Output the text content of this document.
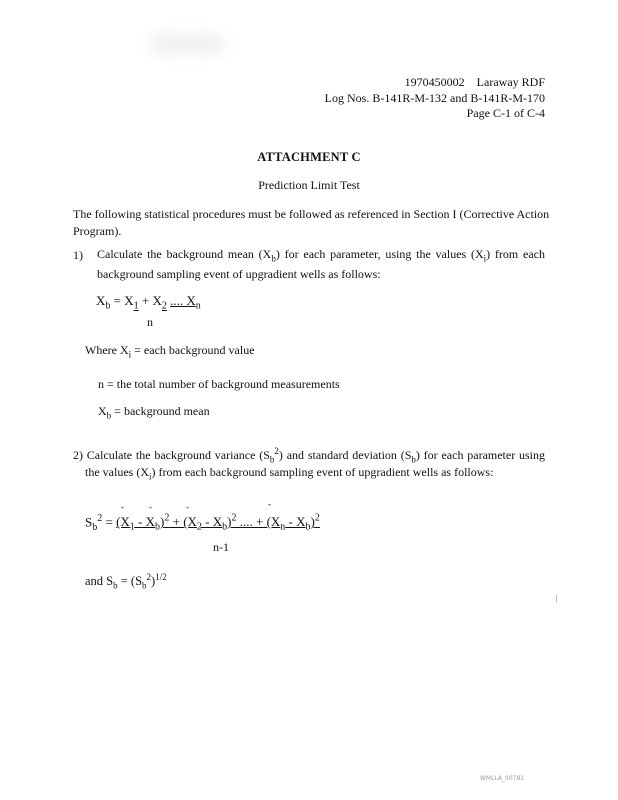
1970450002    Laraway RDF
Log Nos. B-141R-M-132 and B-141R-M-170
Page C-1 of C-4
ATTACHMENT C
Prediction Limit Test
The following statistical procedures must be followed as referenced in Section I (Corrective Action
Program).
1) Calculate the background mean $(X_b)$ for each parameter, using the values $(X_i)$ from each
background sampling event of upgradient wells as follows:
$X_b = X_1 + X_2$ .... $X_n$
n
Where $X_i$ = each background value
n = the total number of background measurements
$X_b$ = background mean
2) Calculate the background variance $(S_b^2)$ and standard deviation $(S_b)$ for each parameter using
the values $(X_i)$ from each background sampling event of upgradient wells as follows:
-	-	-	-
$S_b^2 = (X_1 - X_b)^2 + (X_2 - X_b)^2$ .... + $(X_n - X_b)^2$
n-1
and $S_b = (S_b^2)^{1/2}$
WMLLA_00781
